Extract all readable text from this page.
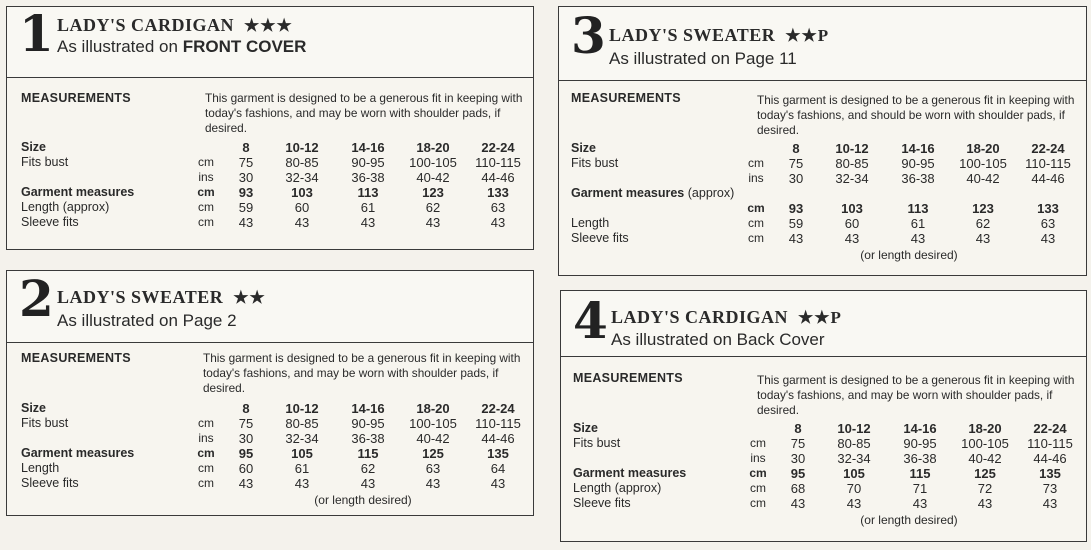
1 LADY'S CARDIGAN ★★★
As illustrated on FRONT COVER
MEASUREMENTS	This garment is designed to be a generous fit in keeping with today's fashions, and may be worn with shoulder pads, if desired.
Size		8	10-12	14-16	18-20	22-24
Fits bust	cm	75	80-85	90-95	100-105	110-115
	ins	30	32-34	36-38	40-42	44-46
Garment measures	cm	93	103	113	123	133
Length (approx)	cm	59	60	61	62	63
Sleeve fits	cm	43	43	43	43	43
2 LADY'S SWEATER ★★
As illustrated on Page 2
MEASUREMENTS	This garment is designed to be a generous fit in keeping with today's fashions, and may be worn with shoulder pads, if desired.
Size		8	10-12	14-16	18-20	22-24
Fits bust	cm	75	80-85	90-95	100-105	110-115
	ins	30	32-34	36-38	40-42	44-46
Garment measures	cm	95	105	115	125	135
Length	cm	60	61	62	63	64
Sleeve fits	cm	43	43	43	43	43
(or length desired)
3 LADY'S SWEATER ★★P
As illustrated on Page 11
MEASUREMENTS	This garment is designed to be a generous fit in keeping with today's fashions, and should be worn with shoulder pads, if desired.
Size		8	10-12	14-16	18-20	22-24
Fits bust	cm	75	80-85	90-95	100-105	110-115
	ins	30	32-34	36-38	40-42	44-46
Garment measures (approx)						
	cm	93	103	113	123	133
Length	cm	59	60	61	62	63
Sleeve fits	cm	43	43	43	43	43
(or length desired)
4 LADY'S CARDIGAN ★★P
As illustrated on Back Cover
MEASUREMENTS	This garment is designed to be a generous fit in keeping with today's fashions, and may be worn with shoulder pads, if desired.
Size		8	10-12	14-16	18-20	22-24
Fits bust	cm	75	80-85	90-95	100-105	110-115
	ins	30	32-34	36-38	40-42	44-46
Garment measures	cm	95	105	115	125	135
Length (approx)	cm	68	70	71	72	73
Sleeve fits	cm	43	43	43	43	43
(or length desired)
